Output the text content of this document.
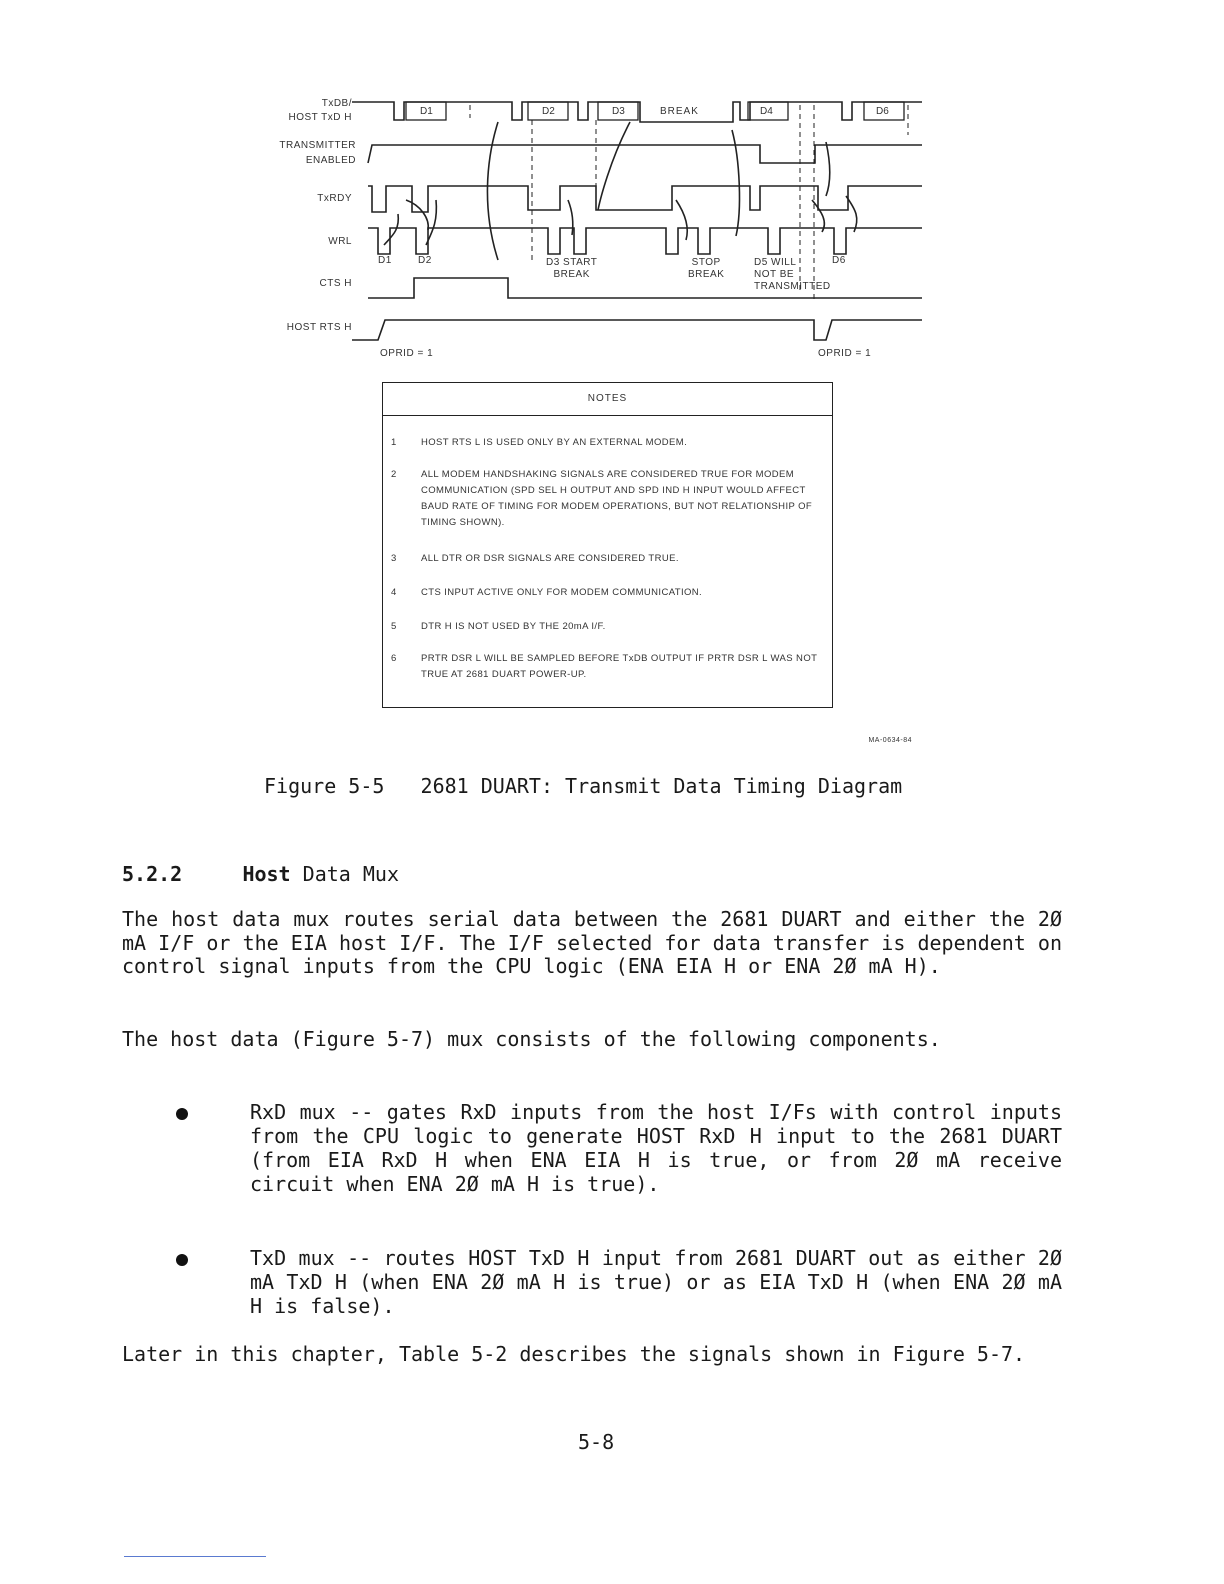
TxDB/
HOST TxD H
TRANSMITTER
ENABLED
TxRDY
WRL
CTS H
HOST RTS H
D1	D2	D3	D4	D6
BREAK
D1	D2	D6
D3 START
BREAK
STOP
BREAK
D5 WILL
NOT BE
TRANSMITTED
OPRID = 1	OPRID = 1
NOTES
1	HOST RTS L IS USED ONLY BY AN EXTERNAL MODEM.
2	ALL MODEM HANDSHAKING SIGNALS ARE CONSIDERED TRUE FOR MODEM COMMUNICATION (SPD SEL H OUTPUT AND SPD IND H INPUT WOULD AFFECT BAUD RATE OF TIMING FOR MODEM OPERATIONS, BUT NOT RELATIONSHIP OF TIMING SHOWN).
3	ALL DTR OR DSR SIGNALS ARE CONSIDERED TRUE.
4	CTS INPUT ACTIVE ONLY FOR MODEM COMMUNICATION.
5	DTR H IS NOT USED BY THE 20mA I/F.
6	PRTR DSR L WILL BE SAMPLED BEFORE TxDB OUTPUT IF PRTR DSR L WAS NOT TRUE AT 2681 DUART POWER-UP.
MA-0634-84
Figure 5-5   2681 DUART: Transmit Data Timing Diagram
5.2.2	Host Data Mux
The host data mux routes serial data between the 2681 DUART and either the 2Ø mA I/F or the EIA host I/F. The I/F selected for data transfer is dependent on control signal inputs from the CPU logic (ENA EIA H or ENA 2Ø mA H).
The host data (Figure 5-7) mux consists of the following components.
RxD mux -- gates RxD inputs from the host I/Fs with control inputs from the CPU logic to generate HOST RxD H input to the 2681 DUART (from EIA RxD H when ENA EIA H is true, or from 2Ø mA receive circuit when ENA 2Ø mA H is true).
TxD mux -- routes HOST TxD H input from 2681 DUART out as either 2Ø mA TxD H (when ENA 2Ø mA H is true) or as EIA TxD H (when ENA 2Ø mA H is false).
Later in this chapter, Table 5-2 describes the signals shown in Figure 5-7.
5-8
